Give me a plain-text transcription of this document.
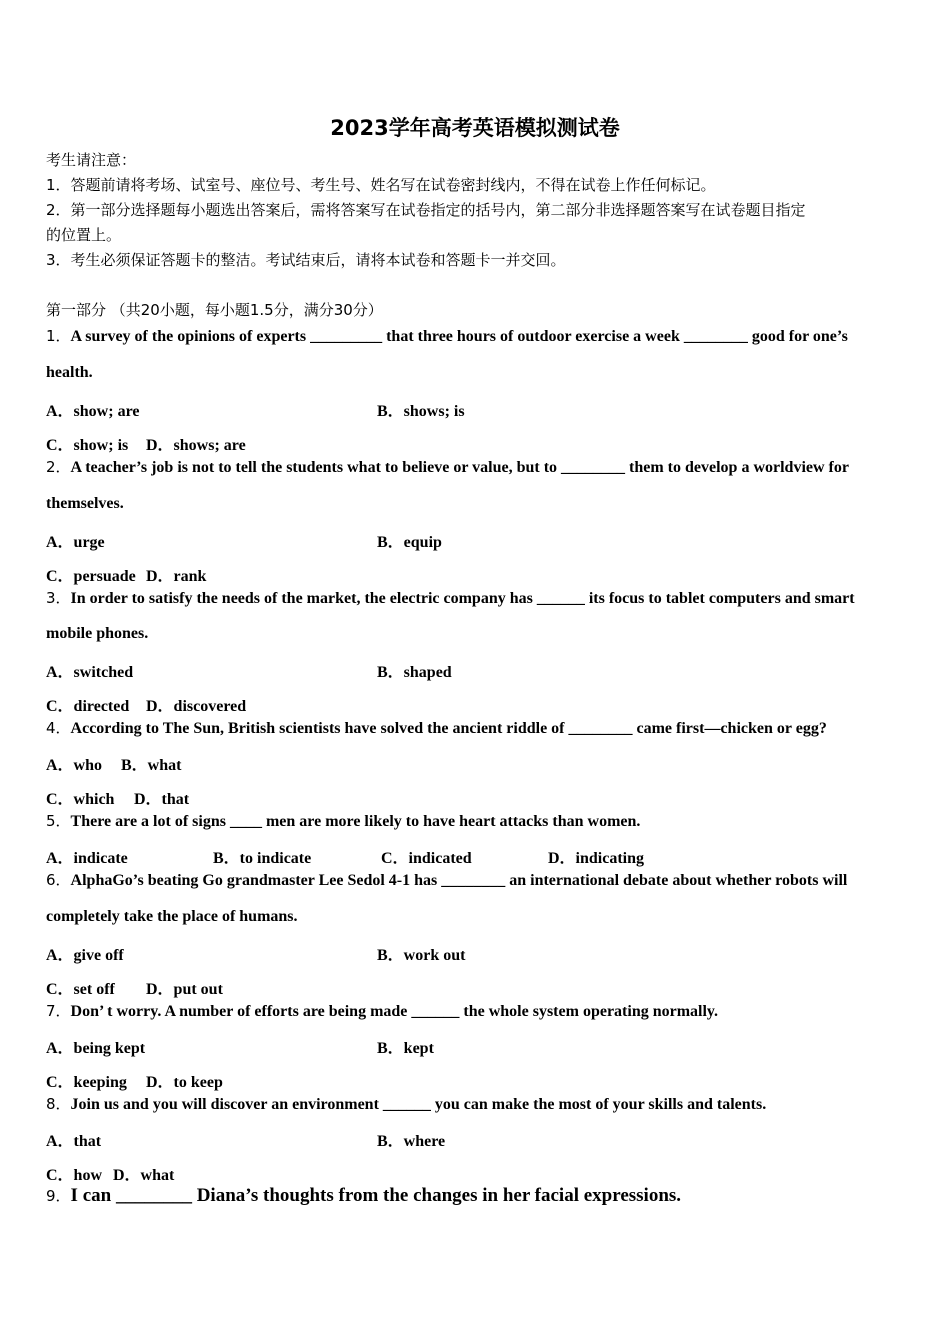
2023学年高考英语模拟测试卷
考生请注意：
1．答题前请将考场、试室号、座位号、考生号、姓名写在试卷密封线内，不得在试卷上作任何标记。
2．第一部分选择题每小题选出答案后，需将答案写在试卷指定的括号内，第二部分非选择题答案写在试卷题目指定
的位置上。
3．考生必须保证答题卡的整洁。考试结束后，请将本试卷和答题卡一并交回。
第一部分 （共20小题，每小题1.5分，满分30分）
1．A survey of the opinions of experts _________ that three hours of outdoor exercise a week ________ good for one’s
health.
A．show; are	B．shows; is
C．show; is D．shows; are
2．A teacher’s job is not to tell the students what to believe or value, but to ________ them to develop a worldview for
themselves.
A．urge	B．equip
C．persuade D．rank
3．In order to satisfy the needs of the market, the electric company has ______ its focus to tablet computers and smart
mobile phones.
A．switched	B．shaped
C．directed D．discovered
4．According to The Sun, British scientists have solved the ancient riddle of ________ came first—chicken or egg?
A．who B．what
C．which D．that
5．There are a lot of signs ____ men are more likely to have heart attacks than women.
A．indicate	B．to indicate	C．indicated	D．indicating
6．AlphaGo’s beating Go grandmaster Lee Sedol 4-1 has ________ an international debate about whether robots will
completely take the place of humans.
A．give off	B．work out
C．set off D．put out
7．Don’ t worry. A number of efforts are being made ______ the whole system operating normally.
A．being kept	B．kept
C．keeping D．to keep
8．Join us and you will discover an environment ______ you can make the most of your skills and talents.
A．that	B．where
C．how D．what
9．I can ________ Diana’s thoughts from the changes in her facial expressions.
